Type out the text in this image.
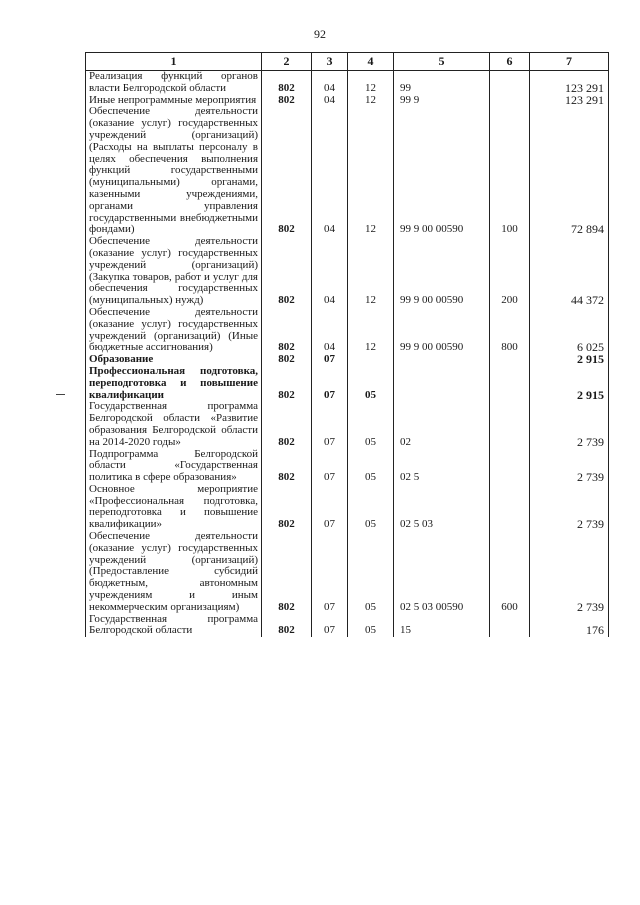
92
1	2	3	4	5	6	7
Реализация функций органов власти Белгородской области	802	04	12	99		123 291
Иные непрограммные мероприятия	802	04	12	99 9		123 291
Обеспечение деятельности (оказание услуг) государственных учреждений (организаций) (Расходы на выплаты персоналу в целях обеспечения выполнения функций государственными (муниципальными) органами, казенными учреждениями, органами управления государственными внебюджетными фондами)	802	04	12	99 9 00 00590	100	72 894
Обеспечение деятельности (оказание услуг) государственных учреждений (организаций) (Закупка товаров, работ и услуг для обеспечения государственных (муниципальных) нужд)	802	04	12	99 9 00 00590	200	44 372
Обеспечение деятельности (оказание услуг) государственных учреждений (организаций) (Иные бюджетные ассигнования)	802	04	12	99 9 00 00590	800	6 025
Образование	802	07				2 915
Профессиональная подготовка, переподготовка и повышение квалификации	802	07	05			2 915
Государственная программа Белгородской области «Развитие образования Белгородской области на 2014-2020 годы»	802	07	05	02		2 739
Подпрограмма Белгородской области «Государственная политика в сфере образования»	802	07	05	02 5		2 739
Основное мероприятие «Профессиональная подготовка, переподготовка и повышение квалификации»	802	07	05	02 5 03		2 739
Обеспечение деятельности (оказание услуг) государственных учреждений (организаций) (Предоставление субсидий бюджетным, автономным учреждениям и иным некоммерческим организациям)	802	07	05	02 5 03 00590	600	2 739
Государственная программа Белгородской области	802	07	05	15		176
